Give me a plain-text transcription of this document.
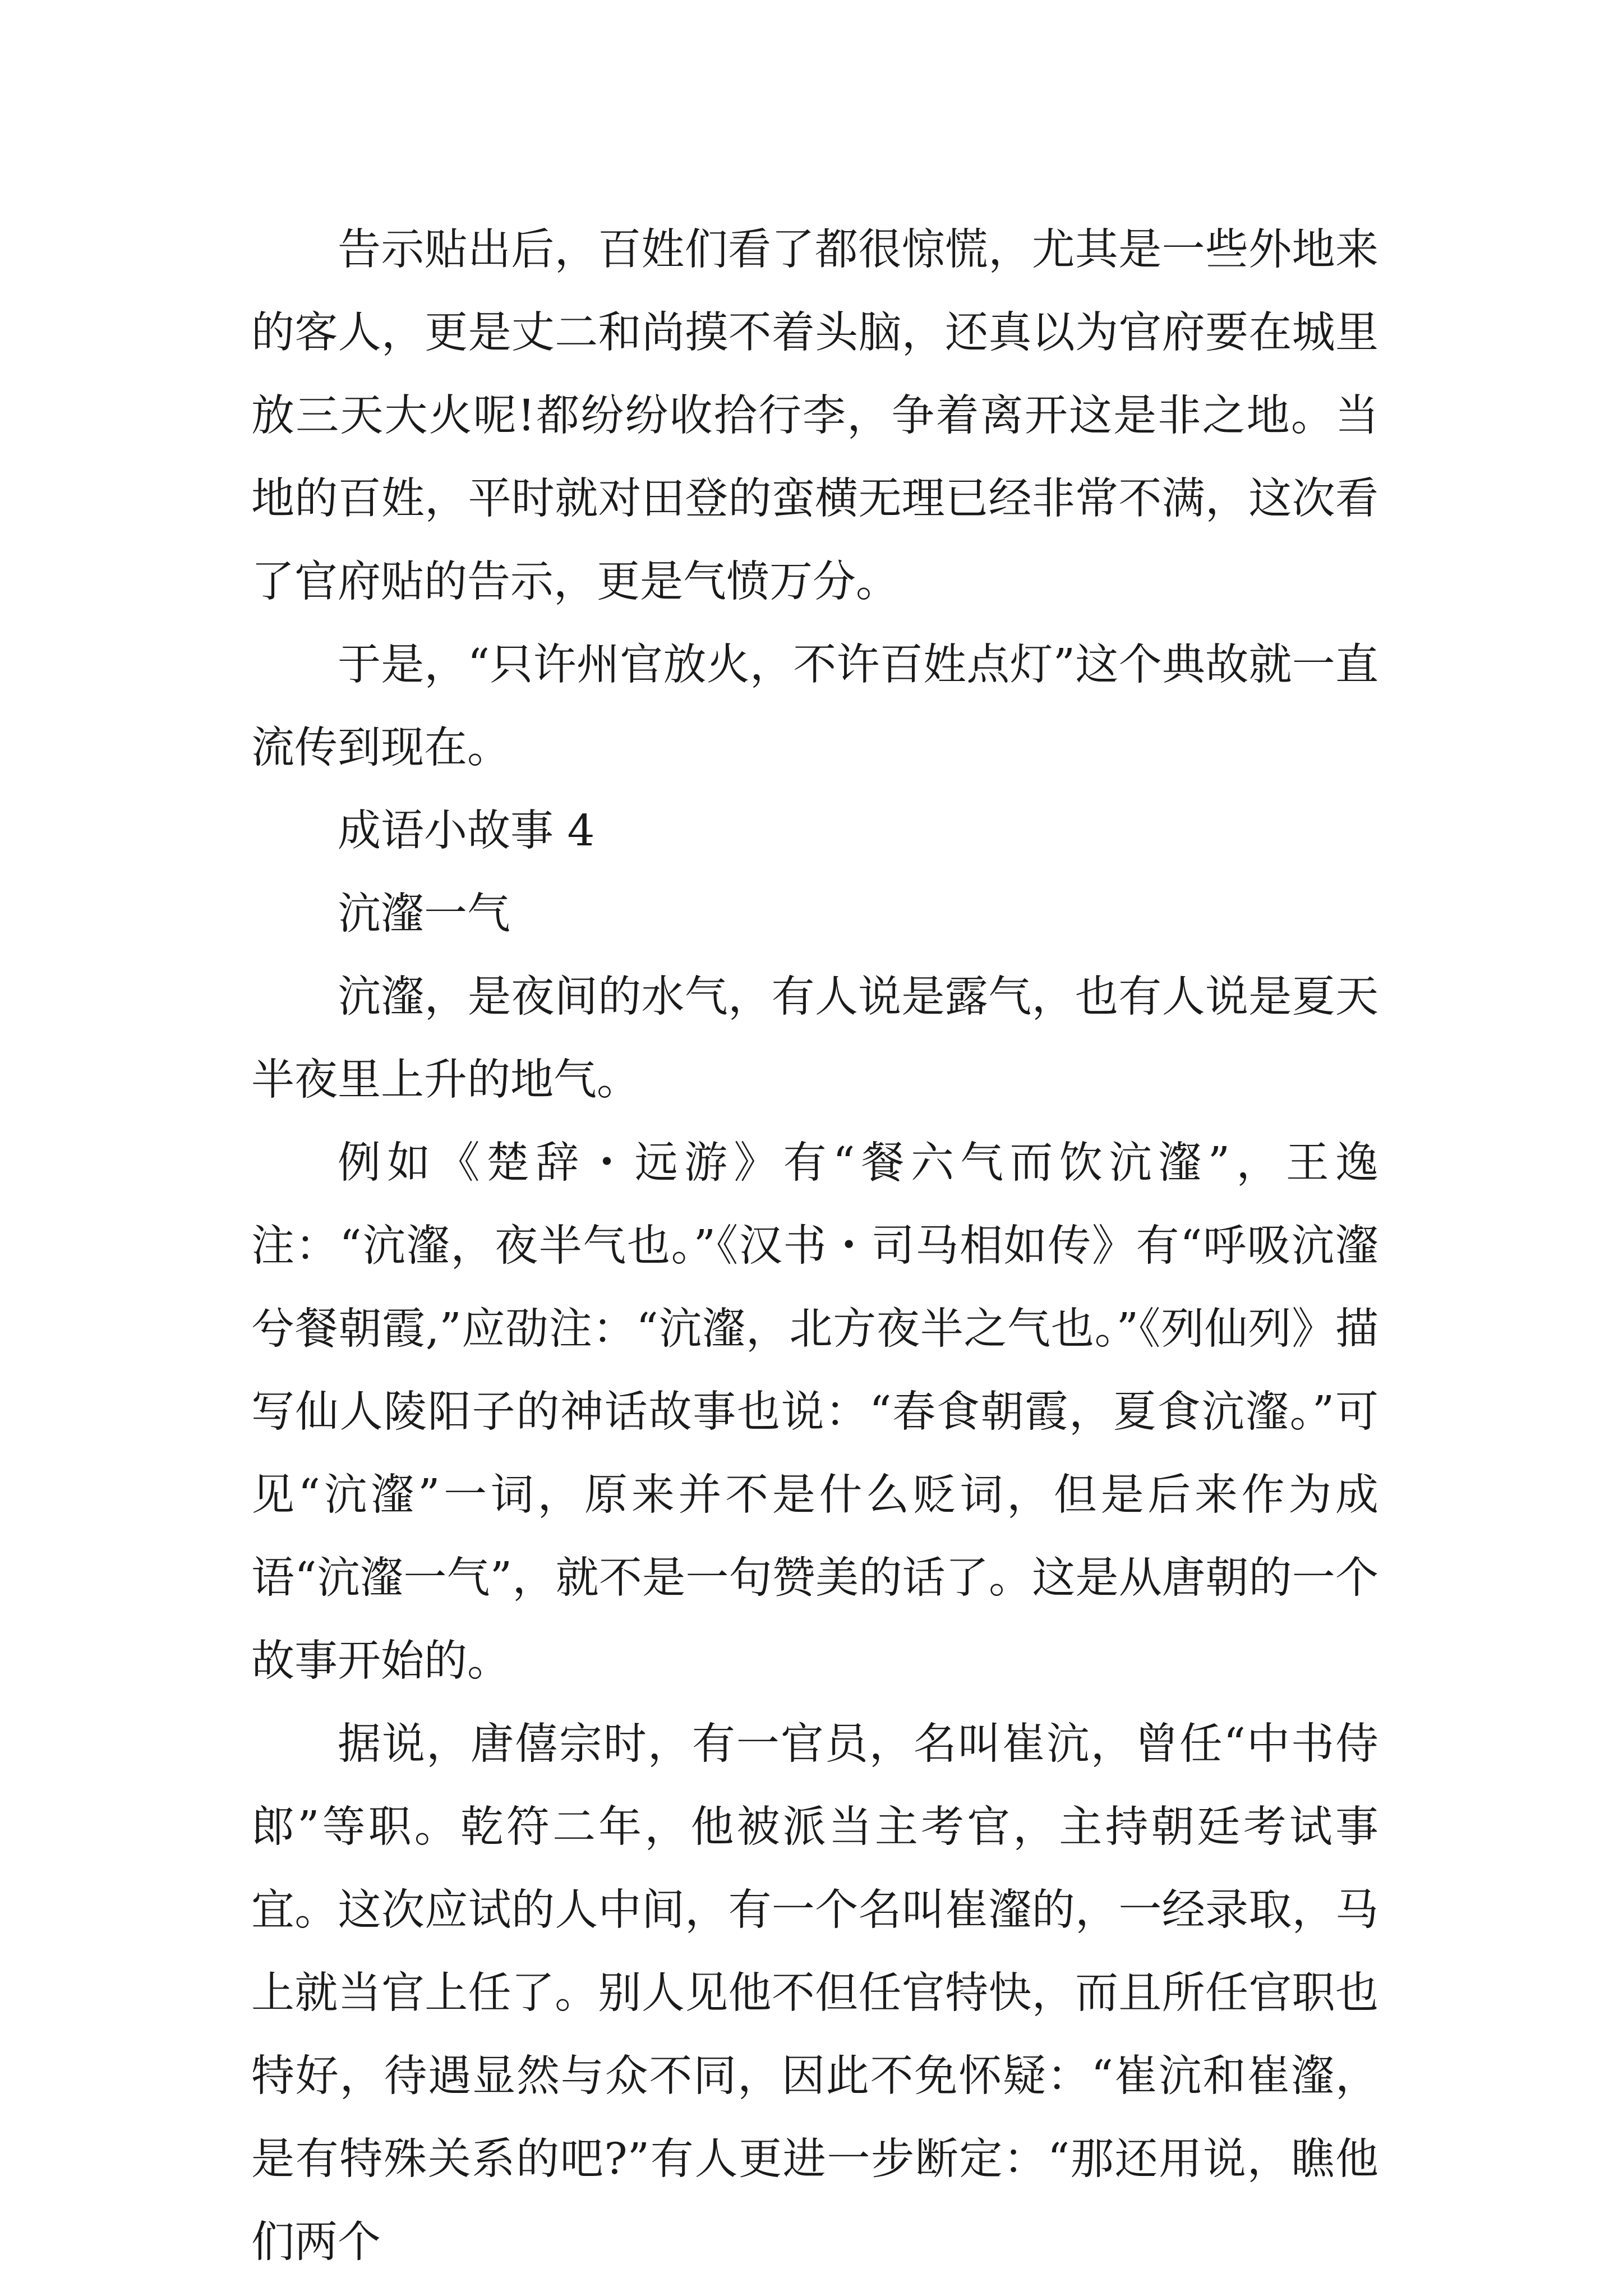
告示贴出后，百姓们看了都很惊慌，尤其是一些外地来的客人，更是丈二和尚摸不着头脑，还真以为官府要在城里放三天大火呢!都纷纷收拾行李，争着离开这是非之地。当地的百姓，平时就对田登的蛮横无理已经非常不满，这次看了官府贴的告示，更是气愤万分。

于是，“只许州官放火，不许百姓点灯”这个典故就一直流传到现在。

成语小故事 4

沆瀣一气

沆瀣，是夜间的水气，有人说是露气，也有人说是夏天半夜里上升的地气。

例如《楚辞・远游》有“餐六气而饮沆瀣”，王逸注：“沆瀣，夜半气也。”《汉书・司马相如传》有“呼吸沆瀣兮餐朝霞,”应劭注：“沆瀣，北方夜半之气也。”《列仙列》描写仙人陵阳子的神话故事也说：“春食朝霞，夏食沆瀣。”可见“沆瀣”一词，原来并不是什么贬词，但是后来作为成语“沆瀣一气”，就不是一句赞美的话了。这是从唐朝的一个故事开始的。

据说，唐僖宗时，有一官员，名叫崔沆，曾任“中书侍郎”等职。乾符二年，他被派当主考官，主持朝廷考试事宜。这次应试的人中间，有一个名叫崔瀣的，一经录取，马上就当官上任了。别人见他不但任官特快，而且所任官职也特好，待遇显然与众不同，因此不免怀疑：“崔沆和崔瀣，是有特殊关系的吧?”有人更进一步断定：“那还用说，瞧他们两个
